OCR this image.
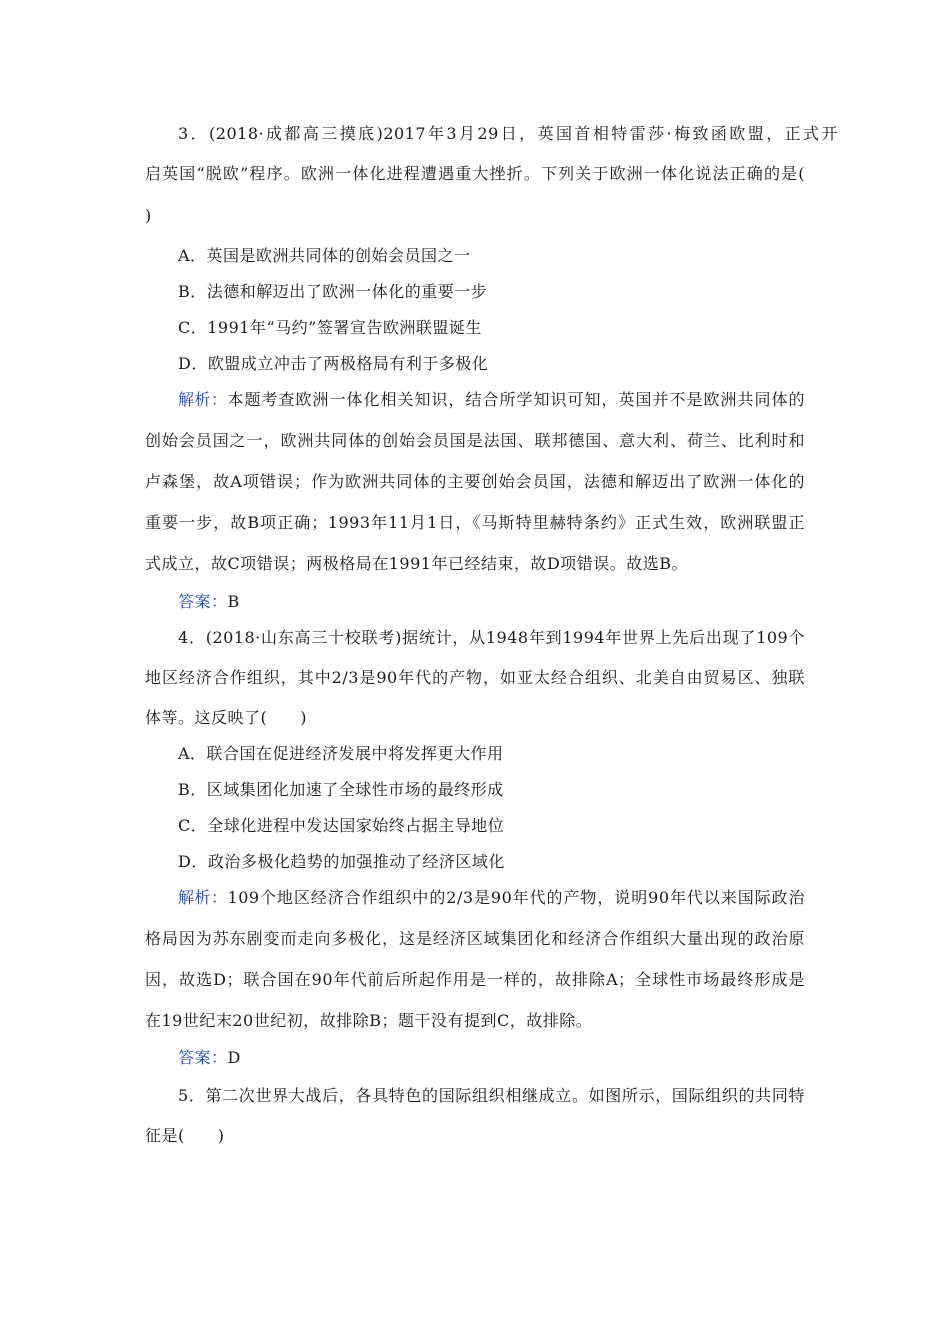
3．(2018·成都高三摸底)2017年3月29日，英国首相特雷莎·梅致函欧盟，正式开
启英国“脱欧”程序。欧洲一体化进程遭遇重大挫折。下列关于欧洲一体化说法正确的是(
)
A．英国是欧洲共同体的创始会员国之一
B．法德和解迈出了欧洲一体化的重要一步
C．1991年“马约”签署宣告欧洲联盟诞生
D．欧盟成立冲击了两极格局有利于多极化
解析： 本题考查欧洲一体化相关知识，结合所学知识可知，英国并不是欧洲共同体的
创始会员国之一，欧洲共同体的创始会员国是法国、联邦德国、意大利、荷兰、比利时和
卢森堡，故A项错误；作为欧洲共同体的主要创始会员国，法德和解迈出了欧洲一体化的
重要一步，故B项正确；1993年11月1日，《马斯特里赫特条约》正式生效，欧洲联盟正
式成立，故C项错误；两极格局在1991年已经结束，故D项错误。故选B。
答案：B
4．(2018·山东高三十校联考)据统计，从1948年到1994年世界上先后出现了109个
地区经济合作组织，其中2/3是90年代的产物，如亚太经合组织、北美自由贸易区、独联
体等。这反映了(　　)
A．联合国在促进经济发展中将发挥更大作用
B．区域集团化加速了全球性市场的最终形成
C．全球化进程中发达国家始终占据主导地位
D．政治多极化趋势的加强推动了经济区域化
解析： 109个地区经济合作组织中的2/3是90年代的产物，说明90年代以来国际政治
格局因为苏东剧变而走向多极化，这是经济区域集团化和经济合作组织大量出现的政治原
因，故选D；联合国在90年代前后所起作用是一样的，故排除A；全球性市场最终形成是
在19世纪末20世纪初，故排除B；题干没有提到C，故排除。
答案：D
5．第二次世界大战后，各具特色的国际组织相继成立。如图所示，国际组织的共同特
征是(　　)
